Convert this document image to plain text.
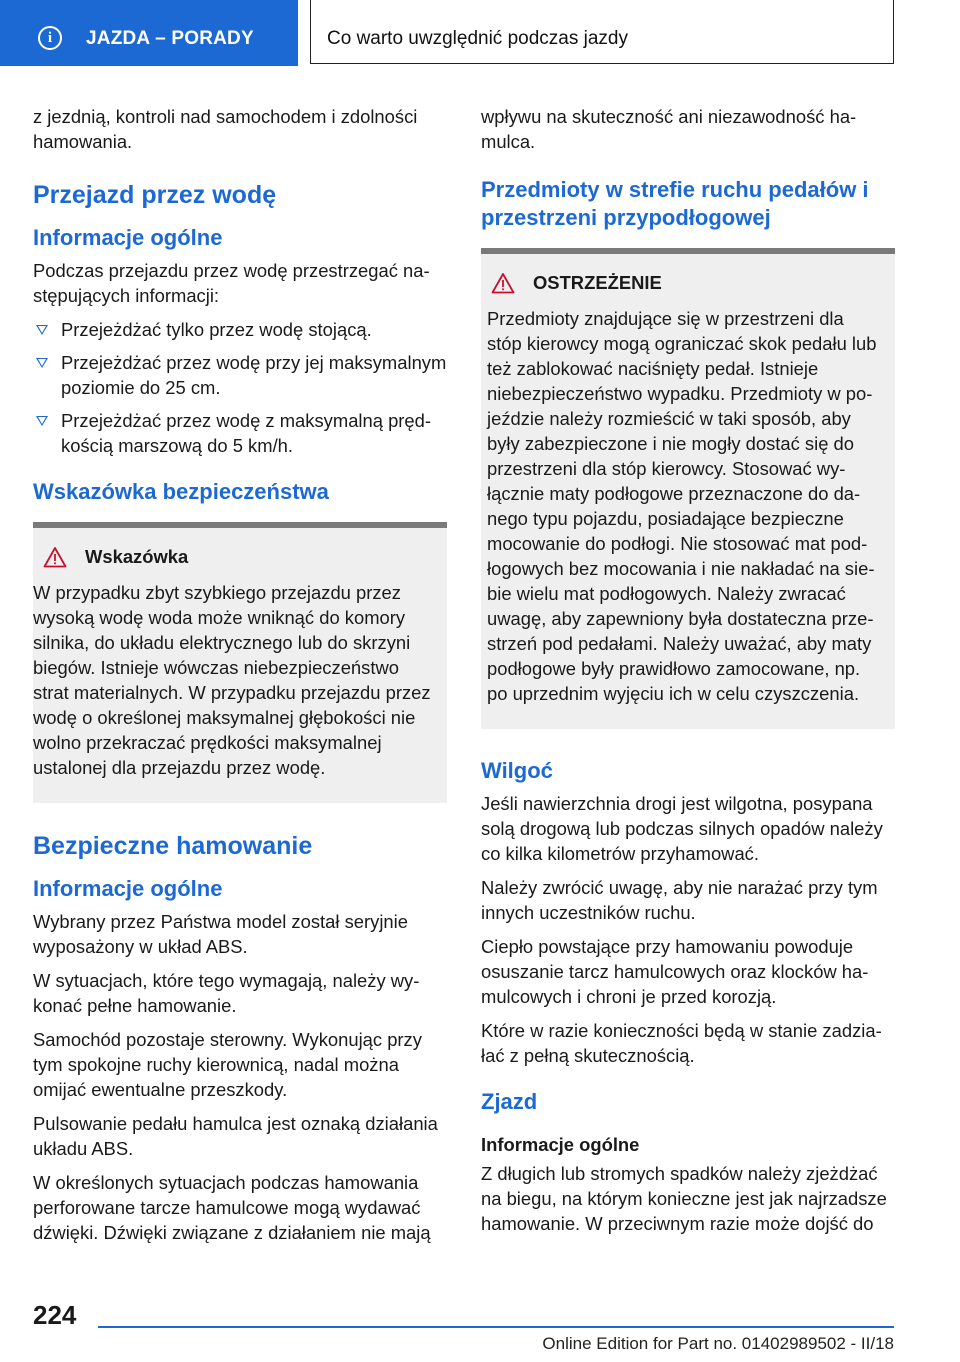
i	JAZDA – PORADY	Co warto uwzględnić podczas jazdy

z jezdnią, kontroli nad samochodem i zdolności hamowania.

Przejazd przez wodę
Informacje ogólne

Podczas przejazdu przez wodę przestrzegać następujących informacji:

Przejeżdżać tylko przez wodę stojącą.
Przejeżdżać przez wodę przy jej maksymalnym poziomie do 25 cm.
Przejeżdżać przez wodę z maksymalną prędkością marszową do 5 km/h.
Wskazówka bezpieczeństwa
Wskazówka

W przypadku zbyt szybkiego przejazdu przez wysoką wodę woda może wniknąć do komory silnika, do układu elektrycznego lub do skrzyni biegów. Istnieje wówczas niebezpieczeństwo strat materialnych. W przypadku przejazdu przez wodę o określonej maksymalnej głębokości nie wolno przekraczać prędkości maksymalnej ustalonej dla przejazdu przez wodę.

Bezpieczne hamowanie
Informacje ogólne

Wybrany przez Państwa model został seryjnie wyposażony w układ ABS.

W sytuacjach, które tego wymagają, należy wykonać pełne hamowanie.

Samochód pozostaje sterowny. Wykonując przy tym spokojne ruchy kierownicą, nadal można omijać ewentualne przeszkody.

Pulsowanie pedału hamulca jest oznaką działania układu ABS.

W określonych sytuacjach podczas hamowania perforowane tarcze hamulcowe mogą wydawać dźwięki. Dźwięki związane z działaniem nie mają

wpływu na skuteczność ani niezawodność hamulca.

Przedmioty w strefie ruchu pedałów i przestrzeni przypodłogowej
OSTRZEŻENIE

Przedmioty znajdujące się w przestrzeni dla stóp kierowcy mogą ograniczać skok pedału lub też zablokować naciśnięty pedał. Istnieje niebezpieczeństwo wypadku. Przedmioty w pojeździe należy rozmieścić w taki sposób, aby były zabezpieczone i nie mogły dostać się do przestrzeni dla stóp kierowcy. Stosować wyłącznie maty podłogowe przeznaczone do danego typu pojazdu, posiadające bezpieczne mocowanie do podłogi. Nie stosować mat podłogowych bez mocowania i nie nakładać na siebie wielu mat podłogowych. Należy zwracać uwagę, aby zapewniony była dostateczna przestrzeń pod pedałami. Należy uważać, aby maty podłogowe były prawidłowo zamocowane, np. po uprzednim wyjęciu ich w celu czyszczenia.

Wilgoć

Jeśli nawierzchnia drogi jest wilgotna, posypana solą drogową lub podczas silnych opadów należy co kilka kilometrów przyhamować.

Należy zwrócić uwagę, aby nie narażać przy tym innych uczestników ruchu.

Ciepło powstające przy hamowaniu powoduje osuszanie tarcz hamulcowych oraz klocków hamulcowych i chroni je przed korozją.

Które w razie konieczności będą w stanie zadziałać z pełną skutecznością.

Zjazd
Informacje ogólne

Z długich lub stromych spadków należy zjeżdżać na biegu, na którym konieczne jest jak najrzadsze hamowanie. W przeciwnym razie może dojść do

224
Online Edition for Part no. 01402989502 - II/18
